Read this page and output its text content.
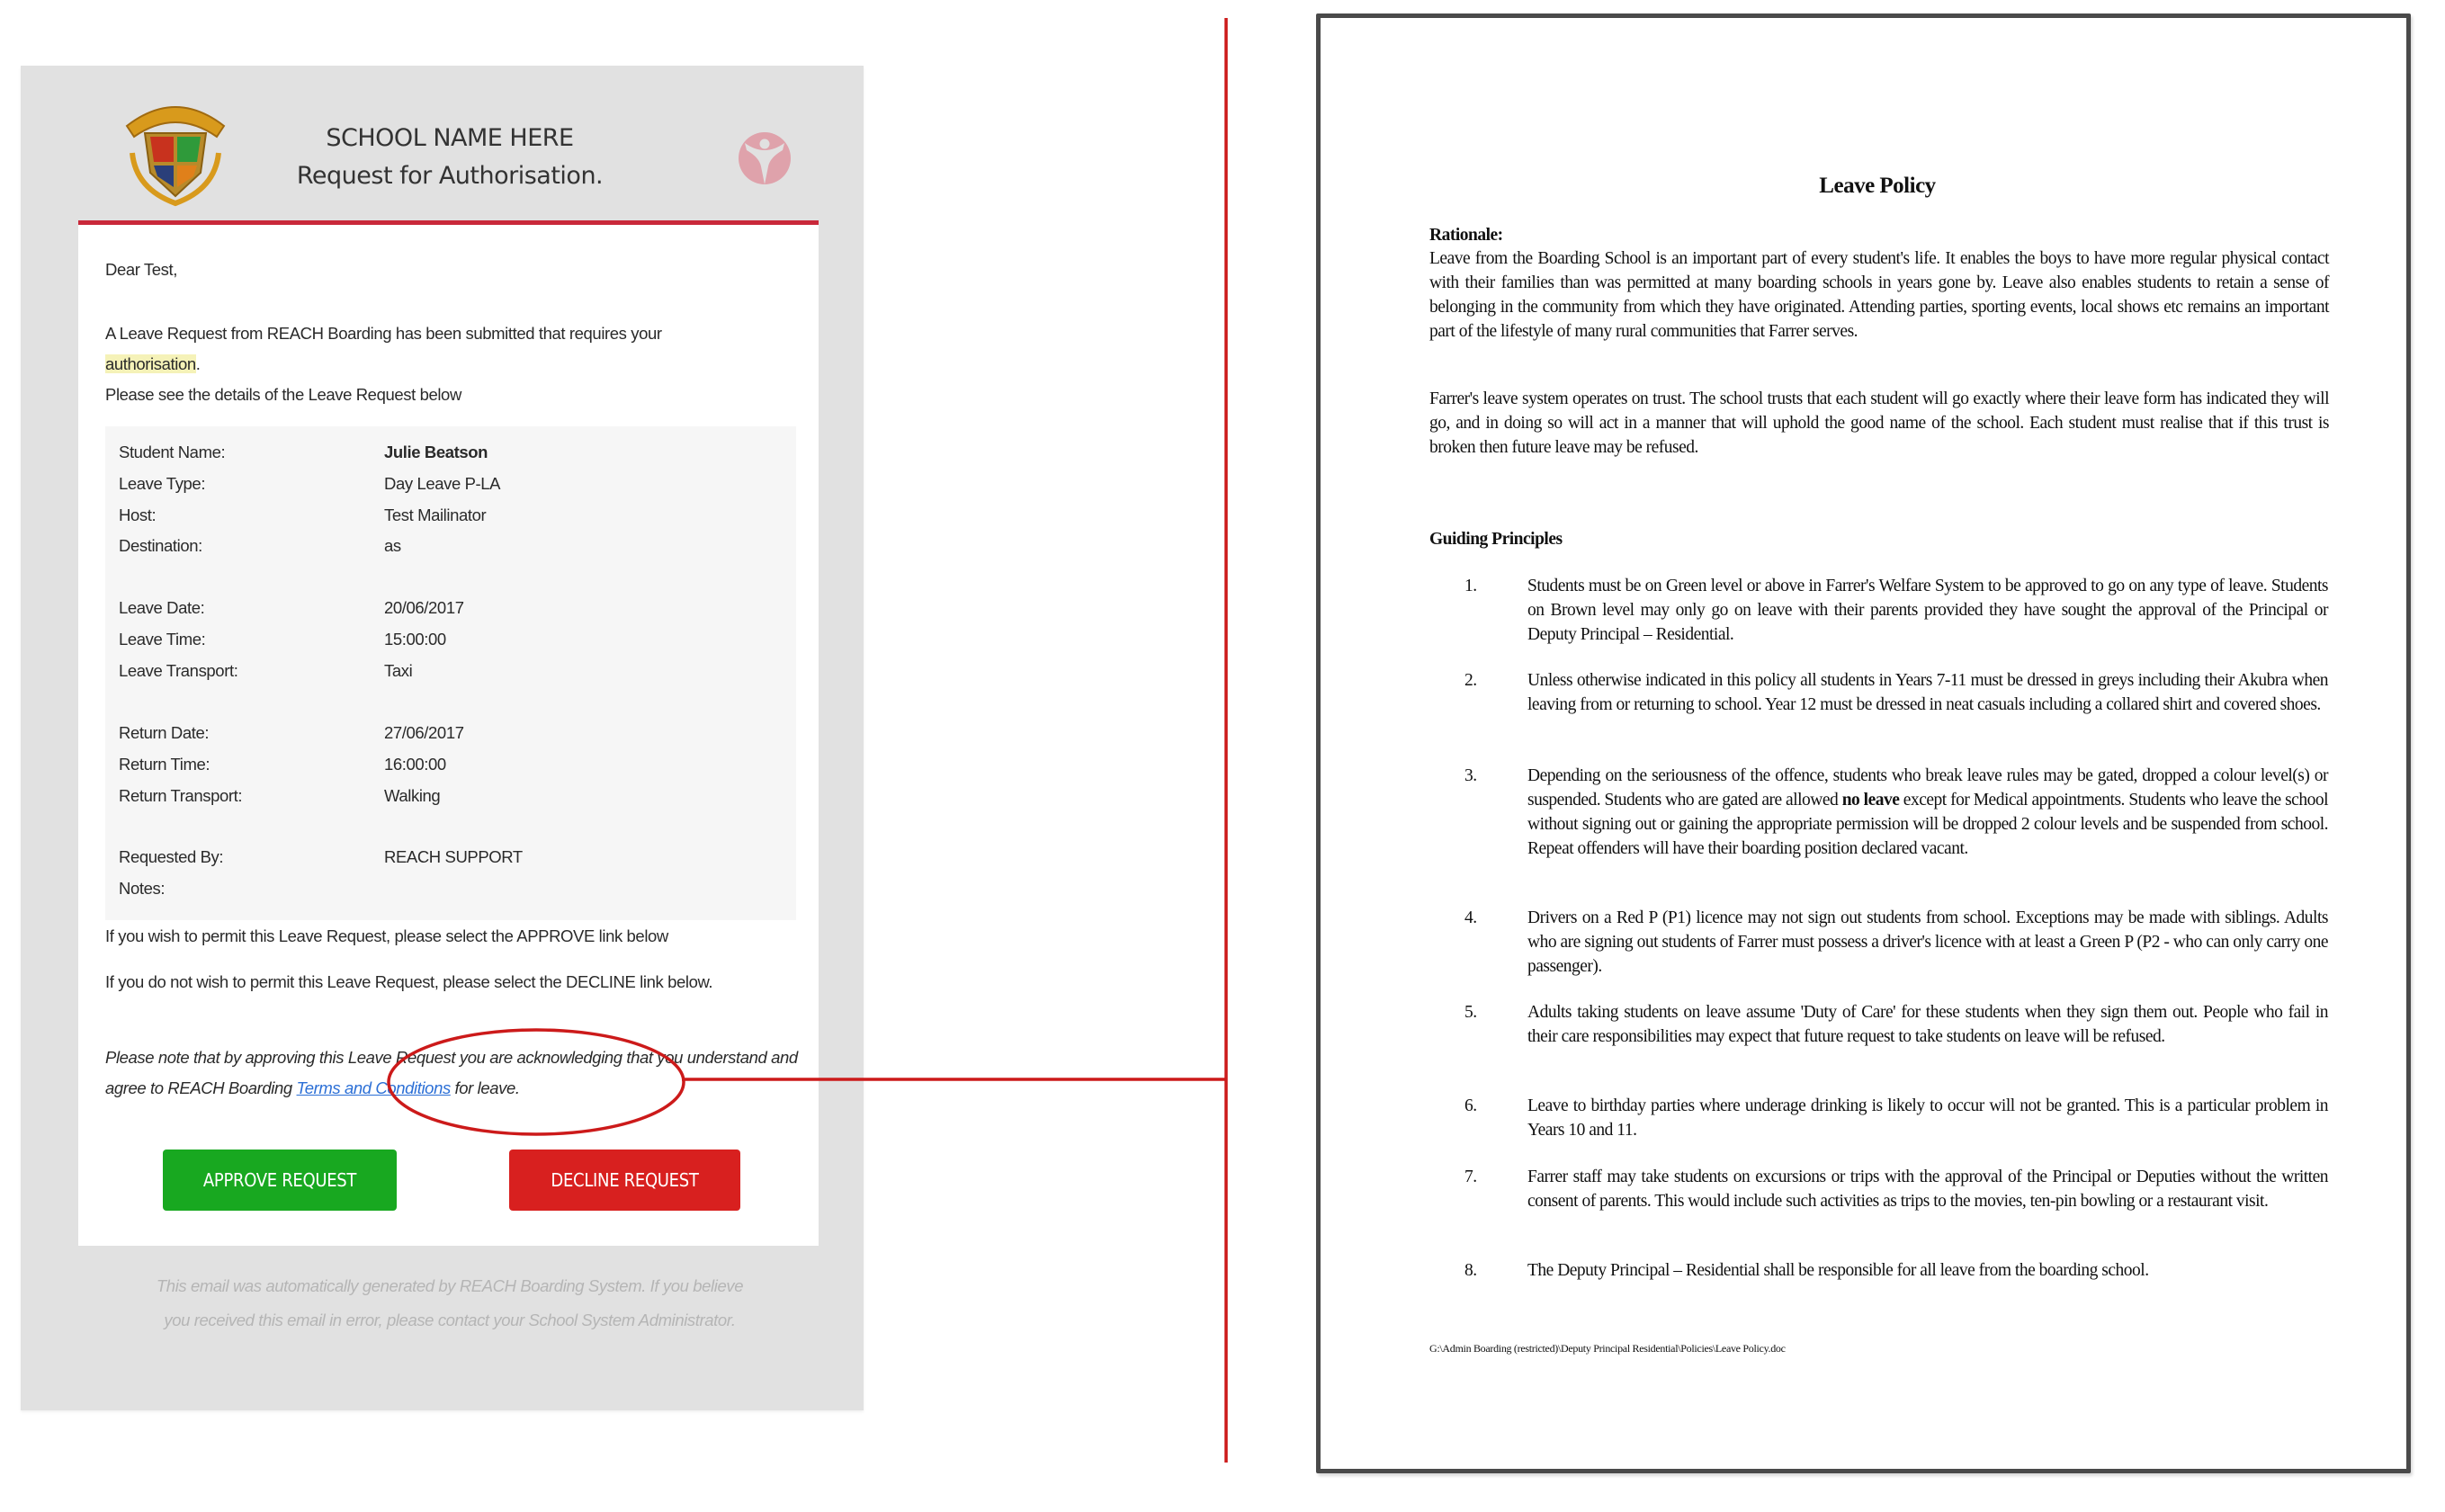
SCHOOL NAME HERE
Request for Authorisation.
Dear Test,
A Leave Request from REACH Boarding has been submitted that requires your
authorisation.
Please see the details of the Leave Request below
Student Name:	Julie Beatson
Leave Type:	Day Leave P-LA
Host:	Test Mailinator
Destination:	as
Leave Date:	20/06/2017
Leave Time:	15:00:00
Leave Transport:	Taxi
Return Date:	27/06/2017
Return Time:	16:00:00
Return Transport:	Walking
Requested By:	REACH SUPPORT
Notes:
If you wish to permit this Leave Request, please select the APPROVE link below
If you do not wish to permit this Leave Request, please select the DECLINE link below.
Please note that by approving this Leave Request you are acknowledging that you understand and agree to REACH Boarding Terms and Conditions for leave.
APPROVE REQUEST	DECLINE REQUEST
This email was automatically generated by REACH Boarding System. If you believe
you received this email in error, please contact your School System Administrator.
Leave Policy
Rationale:
Leave from the Boarding School is an important part of every student's life. It enables the boys to have more regular physical contact with their families than was permitted at many boarding schools in years gone by. Leave also enables students to retain a sense of belonging in the community from which they have originated. Attending parties, sporting events, local shows etc remains an important part of the lifestyle of many rural communities that Farrer serves.
Farrer's leave system operates on trust. The school trusts that each student will go exactly where their leave form has indicated they will go, and in doing so will act in a manner that will uphold the good name of the school. Each student must realise that if this trust is broken then future leave may be refused.
Guiding Principles
1.	Students must be on Green level or above in Farrer's Welfare System to be approved to go on any type of leave. Students on Brown level may only go on leave with their parents provided they have sought the approval of the Principal or Deputy Principal – Residential.
2.	Unless otherwise indicated in this policy all students in Years 7-11 must be dressed in greys including their Akubra when leaving from or returning to school. Year 12 must be dressed in neat casuals including a collared shirt and covered shoes.
3.	Depending on the seriousness of the offence, students who break leave rules may be gated, dropped a colour level(s) or suspended. Students who are gated are allowed no leave except for Medical appointments. Students who leave the school without signing out or gaining the appropriate permission will be dropped 2 colour levels and be suspended from school. Repeat offenders will have their boarding position declared vacant.
4.	Drivers on a Red P (P1) licence may not sign out students from school. Exceptions may be made with siblings. Adults who are signing out students of Farrer must possess a driver's licence with at least a Green P (P2 - who can only carry one passenger).
5.	Adults taking students on leave assume 'Duty of Care' for these students when they sign them out. People who fail in their care responsibilities may expect that future request to take students on leave will be refused.
6.	Leave to birthday parties where underage drinking is likely to occur will not be granted. This is a particular problem in Years 10 and 11.
7.	Farrer staff may take students on excursions or trips with the approval of the Principal or Deputies without the written consent of parents. This would include such activities as trips to the movies, ten-pin bowling or a restaurant visit.
8.	The Deputy Principal – Residential shall be responsible for all leave from the boarding school.
G:\Admin Boarding (restricted)\Deputy Principal Residential\Policies\Leave Policy.doc
